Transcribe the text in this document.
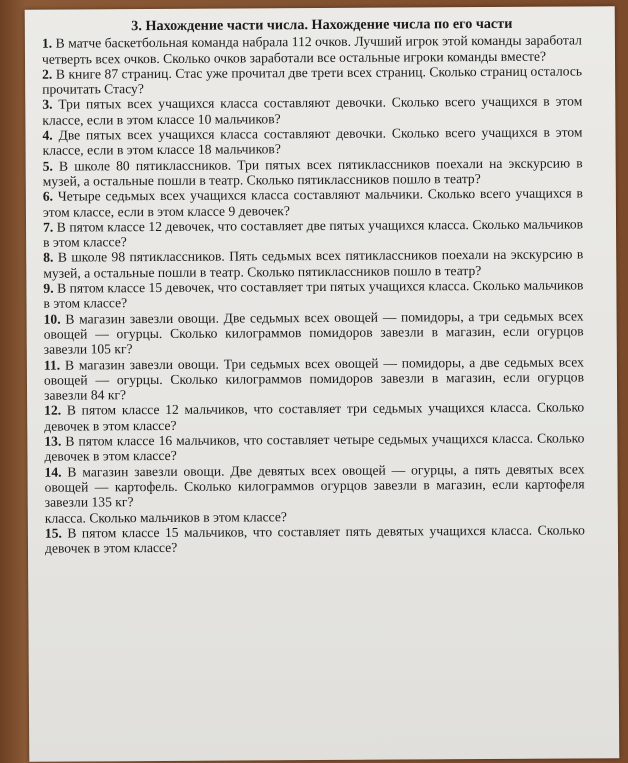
3. Нахождение части числа. Нахождение числа по его части

1. В матче баскетбольная команда набрала 112 очков. Лучший игрок этой команды заработал четверть всех очков. Сколько очков заработали все остальные игроки команды вместе?

2. В книге 87 страниц. Стас уже прочитал две трети всех страниц. Сколько страниц осталось прочитать Стасу?

3. Три пятых всех учащихся класса составляют девочки. Сколько всего учащихся в этом классе, если в этом классе 10 мальчиков?

4. Две пятых всех учащихся класса составляют девочки. Сколько всего учащихся в этом классе, если в этом классе 18 мальчиков?

5. В школе 80 пятиклассников. Три пятых всех пятиклассников поехали на экскурсию в музей, а остальные пошли в театр. Сколько пятиклассников пошло в театр?

6. Четыре седьмых всех учащихся класса составляют мальчики. Сколько всего учащихся в этом классе, если в этом классе 9 девочек?

7. В пятом классе 12 девочек, что составляет две пятых учащихся класса. Сколько мальчиков в этом классе?

8. В школе 98 пятиклассников. Пять седьмых всех пятиклассников поехали на экскурсию в музей, а остальные пошли в театр. Сколько пятиклассников пошло в театр?

9. В пятом классе 15 девочек, что составляет три пятых учащихся класса. Сколько мальчиков в этом классе?

10. В магазин завезли овощи. Две седьмых всех овощей — помидоры, а три седьмых всех овощей — огурцы. Сколько килограммов помидоров завезли в магазин, если огурцов завезли 105 кг?

11. В магазин завезли овощи. Три седьмых всех овощей — помидоры, а две седьмых всех овощей — огурцы. Сколько килограммов помидоров завезли в магазин, если огурцов завезли 84 кг?

12. В пятом классе 12 мальчиков, что составляет три седьмых учащихся класса. Сколько девочек в этом классе?

13. В пятом классе 16 мальчиков, что составляет четыре седьмых учащихся класса. Сколько девочек в этом классе?

14. В магазин завезли овощи. Две девятых всех овощей — огурцы, а пять девятых всех овощей — картофель. Сколько килограммов огурцов завезли в магазин, если картофеля завезли 135 кг?

класса. Сколько мальчиков в этом классе?

15. В пятом классе 15 мальчиков, что составляет пять девятых учащихся класса. Сколько девочек в этом классе?
